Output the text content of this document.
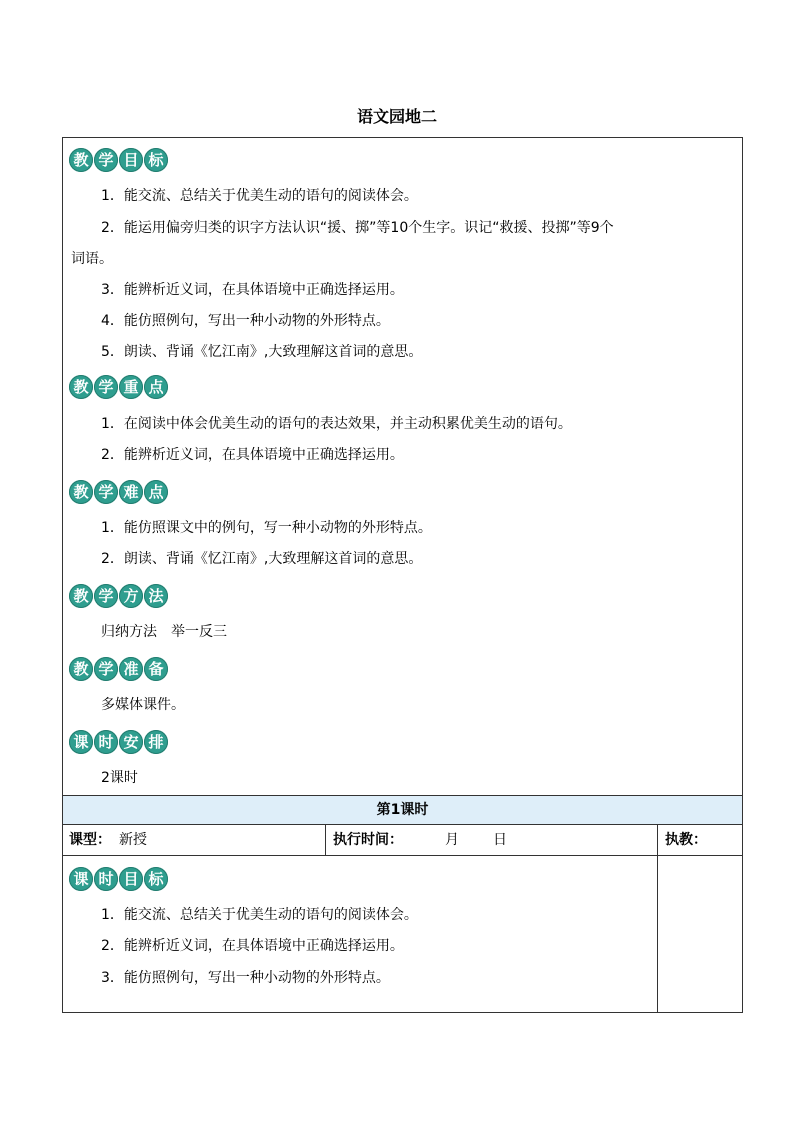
语文园地二
教 学 目 标
1．能交流、总结关于优美生动的语句的阅读体会。
2．能运用偏旁归类的识字方法认识“援、掷”等10个生字。识记“救援、投掷”等9个
词语。
3．能辨析近义词，在具体语境中正确选择运用。
4．能仿照例句，写出一种小动物的外形特点。
5．朗读、背诵《忆江南》,大致理解这首词的意思。
教 学 重 点
1．在阅读中体会优美生动的语句的表达效果，并主动积累优美生动的语句。
2．能辨析近义词，在具体语境中正确选择运用。
教 学 难 点
1．能仿照课文中的例句，写一种小动物的外形特点。
2．朗读、背诵《忆江南》,大致理解这首词的意思。
教 学 方 法
归纳方法　举一反三
教 学 准 备
多媒体课件。
课 时 安 排
2课时
第1课时
课型： 新授	执行时间：	月 日	执教：
课 时 目 标
1．能交流、总结关于优美生动的语句的阅读体会。
2．能辨析近义词，在具体语境中正确选择运用。
3．能仿照例句，写出一种小动物的外形特点。
